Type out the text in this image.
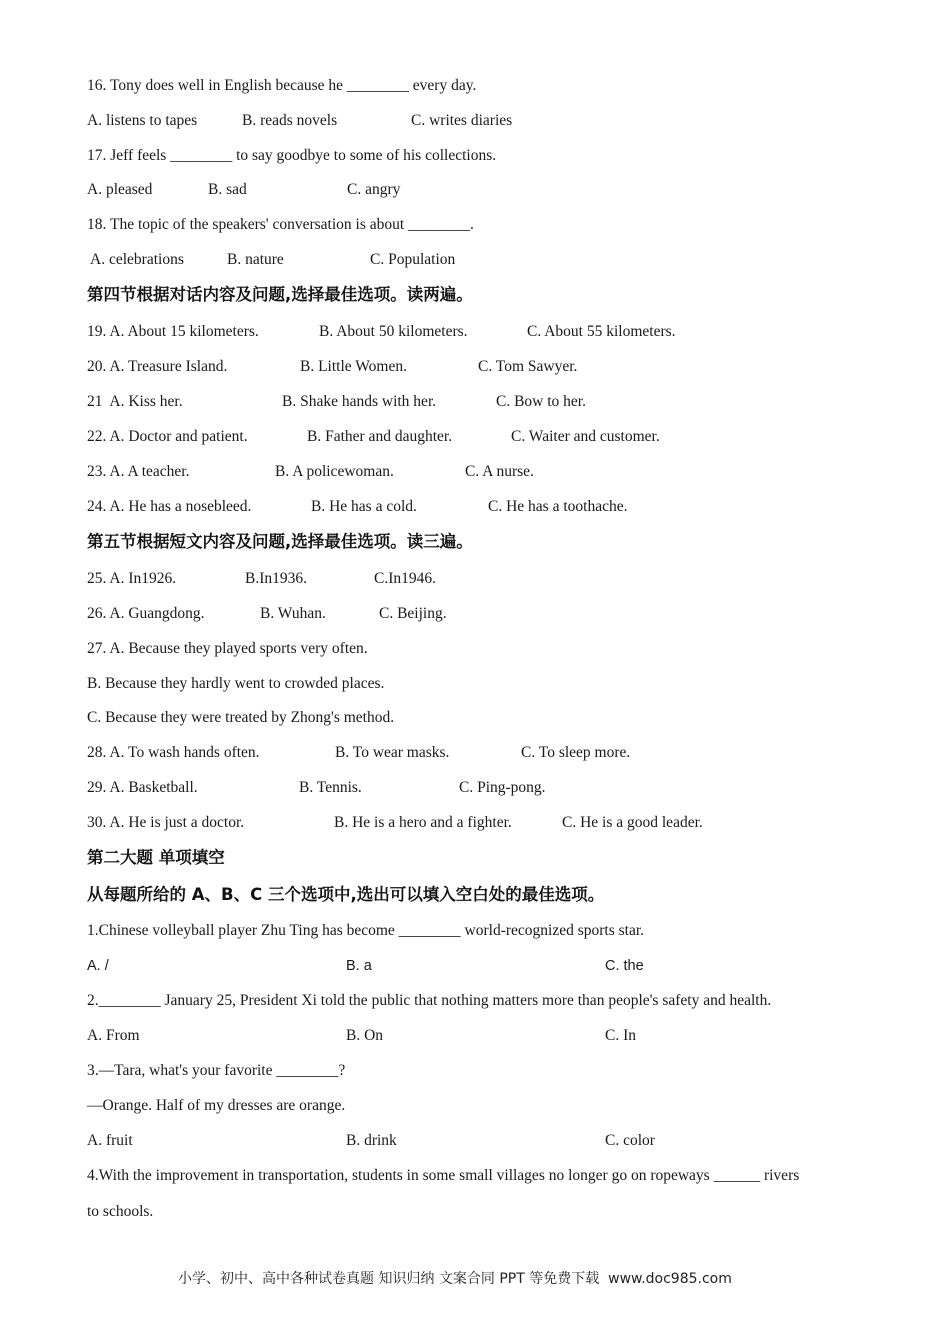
16. Tony does well in English because he ________ every day.
A. listens to tapes	B. reads novels	C. writes diaries
17. Jeff feels ________ to say goodbye to some of his collections.
A. pleased	B. sad	C. angry
18. The topic of the speakers' conversation is about ________.
A. celebrations	B. nature	C. Population
第四节根据对话内容及问题,选择最佳选项。读两遍。
19. A. About 15 kilometers.	B. About 50 kilometers.	C. About 55 kilometers.
20. A. Treasure Island.	B. Little Women.	C. Tom Sawyer.
21  A. Kiss her.	B. Shake hands with her.	C. Bow to her.
22. A. Doctor and patient.	B. Father and daughter.	C. Waiter and customer.
23. A. A teacher.	B. A policewoman.	C. A nurse.
24. A. He has a nosebleed.	B. He has a cold.	C. He has a toothache.
第五节根据短文内容及问题,选择最佳选项。读三遍。
25. A. In1926.	B.In1936.	C.In1946.
26. A. Guangdong.	B. Wuhan.	C. Beijing.
27. A. Because they played sports very often.
B. Because they hardly went to crowded places.
C. Because they were treated by Zhong's method.
28. A. To wash hands often.	B. To wear masks.	C. To sleep more.
29. A. Basketball.	B. Tennis.	C. Ping-pong.
30. A. He is just a doctor.	B. He is a hero and a fighter.	C. He is a good leader.
第二大题 单项填空
从每题所给的 A、B、C 三个选项中,选出可以填入空白处的最佳选项。
1.Chinese volleyball player Zhu Ting has become ________ world-recognized sports star.
A. /	B. a	C. the
2.________ January 25, President Xi told the public that nothing matters more than people's safety and health.
A. From	B. On	C. In
3.—Tara, what's your favorite ________?
—Orange. Half of my dresses are orange.
A. fruit	B. drink	C. color
4.With the improvement in transportation, students in some small villages no longer go on ropeways ______ rivers
to schools.
小学、初中、高中各种试卷真题 知识归纳 文案合同 PPT 等免费下载  www.doc985.com
